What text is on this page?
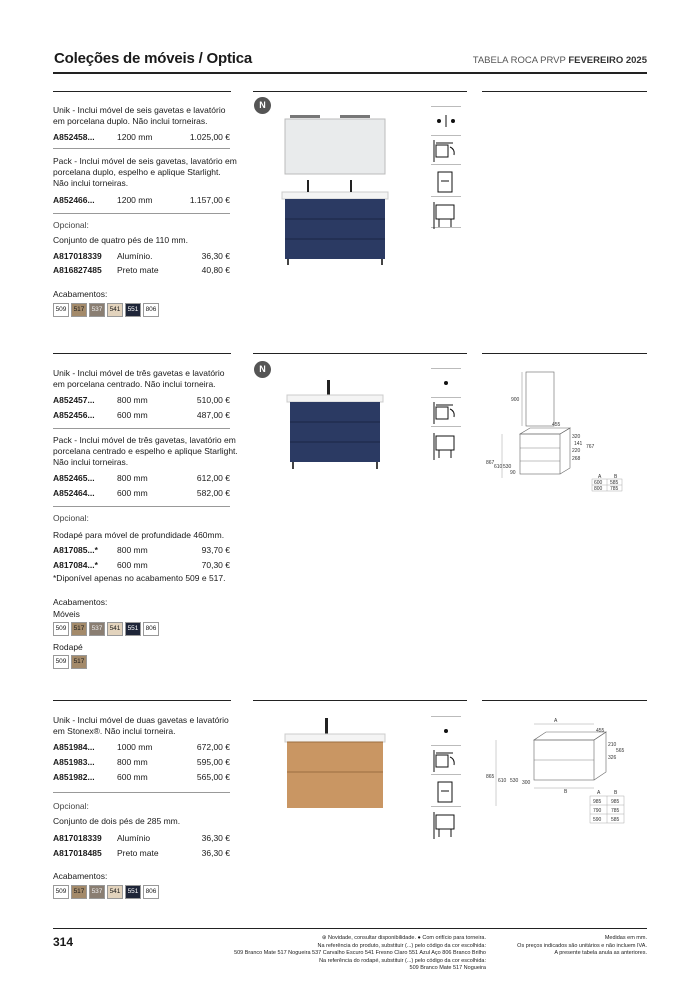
Coleções de móveis / Optica	TABELA ROCA PRVP FEVEREIRO 2025
Unik - Inclui móvel de seis gavetas e lavatório em porcelana duplo. Não inclui torneiras.
A852458...	1200 mm	1.025,00 €
Pack - Inclui móvel de seis gavetas, lavatório em porcelana duplo, espelho e aplique Starlight. Não inclui torneiras.
A852466...	1200 mm	1.157,00 €
Opcional:
Conjunto de quatro pés de 110 mm.
A817018339 Alumínio.	36,30 €
A816827485 Preto mate	40,80 €
Acabamentos:
509	517	537	541	551	806
N
Unik - Inclui móvel de três gavetas e lavatório em porcelana centrado. Não inclui torneira.
A852457...	800 mm	510,00 €
A852456...	600 mm	487,00 €
Pack - Inclui móvel de três gavetas, lavatório em porcelana centrado e espelho e aplique Starlight. Não inclui torneiras.
A852465...	800 mm	612,00 €
A852464...	600 mm	582,00 €
Opcional:
Rodapé para móvel de profundidade 460mm.
A817085...* 800 mm	93,70 €
A817084...* 600 mm	70,30 €
*Diponível apenas no acabamento 509 e 517.
Acabamentos:
Móveis
509	517	537	541	551	806
Rodapé
509	517
N
900
455
320
141
220
767
268
867
610 530
90
A	B
600 585
800 785
Unik - Inclui móvel de duas gavetas e lavatório em Stonex®. Não inclui torneira.
A851984...	1000 mm	672,00 €
A851983...	800 mm	595,00 €
A851982...	600 mm	565,00 €
Opcional:
Conjunto de dois pés de 285 mm.
A817018339 Alumínio	36,30 €
A817018485 Preto mate	36,30 €
Acabamentos:
509	517	537	541	551	806
A
B
455
210
565
326
865
610 530 300
A	B
985 985
790 785
590 585
314	⊛ Novidade, consultar disponibilidade. ● Com orifício para torneira.
Na referência do produto, substituir (...) pelo código da cor escolhida:
509 Branco Mate 517 Nogueira 537 Carvalho Escuro 541 Fresno Claro 551 Azul Aço 806 Branco Brilho
Na referência do rodapé, substituir (...) pelo código da cor escolhida:
509 Branco Mate 517 Nogueira
Medidas em mm.
Os preços indicados são unitários e não incluem IVA.
A presente tabela anula as anteriores.
